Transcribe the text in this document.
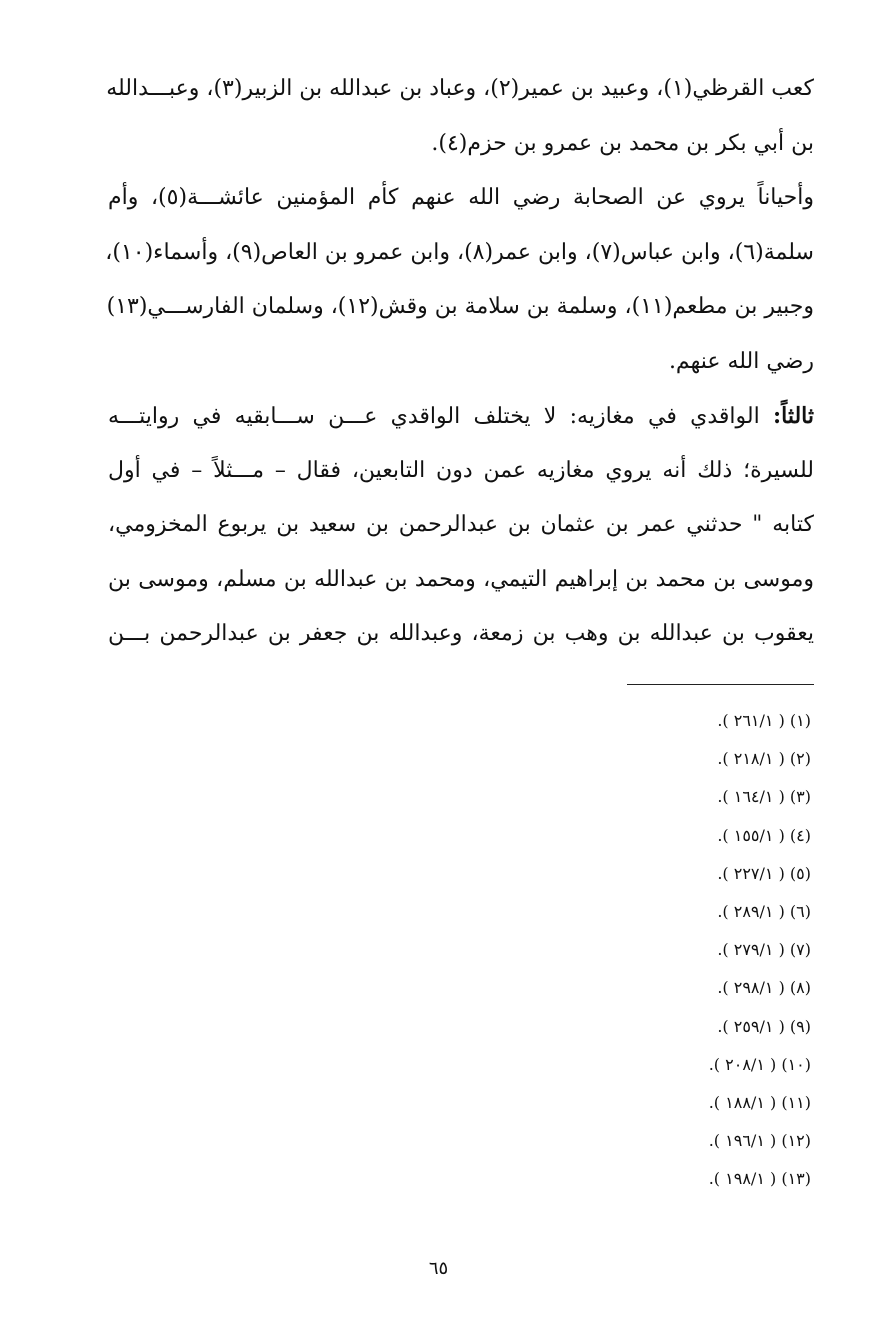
كعب القرظي(١)، وعبيد بن عمير(٢)، وعباد بن عبدالله بن الزبير(٣)، وعبـــدالله
بن أبي بكر بن محمد بن عمرو بن حزم(٤).
وأحياناً يروي عن الصحابة رضي الله عنهم كأم المؤمنين عائشـــة(٥)، وأم
سلمة(٦)، وابن عباس(٧)، وابن عمر(٨)، وابن عمرو بن العاص(٩)، وأسماء(١٠)،
وجبير بن مطعم(١١)، وسلمة بن سلامة بن وقش(١٢)، وسلمان الفارســـي(١٣)
رضي الله عنهم.
ثالثاً: الواقدي في مغازيه: لا يختلف الواقدي عـــن ســـابقيه في روايتـــه
للسيرة؛ ذلك أنه يروي مغازيه عمن دون التابعين، فقال – مـــثلاً – في أول
كتابه " حدثني عمر بن عثمان بن عبدالرحمن بن سعيد بن يربوع المخزومي،
وموسى بن محمد بن إبراهيم التيمي، ومحمد بن عبدالله بن مسلم، وموسى بن
يعقوب بن عبدالله بن وهب بن زمعة، وعبدالله بن جعفر بن عبدالرحمن بـــن
(١) ( ٢٦١/١ ).
(٢) ( ٢١٨/١ ).
(٣) ( ١٦٤/١ ).
(٤) ( ١٥٥/١ ).
(٥) ( ٢٢٧/١ ).
(٦) ( ٢٨٩/١ ).
(٧) ( ٢٧٩/١ ).
(٨) ( ٢٩٨/١ ).
(٩) ( ٢٥٩/١ ).
(١٠) ( ٢٠٨/١ ).
(١١) ( ١٨٨/١ ).
(١٢) ( ١٩٦/١ ).
(١٣) ( ١٩٨/١ ).
٦٥
